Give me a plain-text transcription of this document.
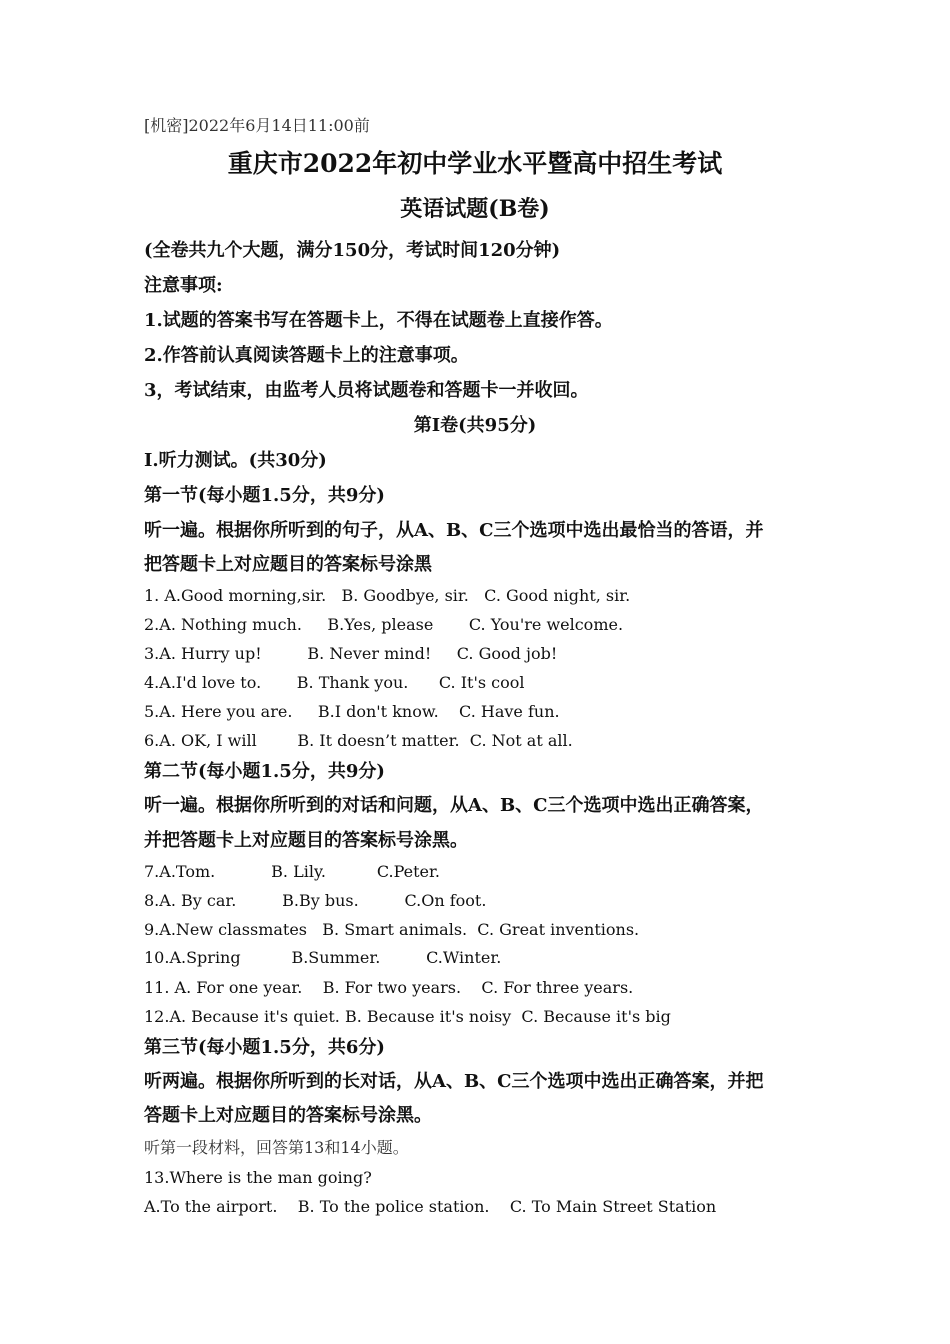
[机密]2022年6月14日11:00前
重庆市2022年初中学业水平暨高中招生考试
英语试题(B卷)
(全卷共九个大题，满分150分，考试时间120分钟)
注意事项:
1.试题的答案书写在答题卡上，不得在试题卷上直接作答。
2.作答前认真阅读答题卡上的注意事项。
3，考试结束，由监考人员将试题卷和答题卡一并收回。
第I卷(共95分)
I.听力测试。(共30分)
第一节(每小题1.5分，共9分)
听一遍。根据你所听到的句子，从A、B、C三个选项中选出最恰当的答语，并
把答题卡上对应题目的答案标号涂黑
1. A.Good morning,sir.   B. Goodbye, sir.   C. Good night, sir.
2.A. Nothing much.     B.Yes, please       C. You're welcome.
3.A. Hurry up!         B. Never mind!     C. Good job!
4.A.I'd love to.       B. Thank you.      C. It's cool
5.A. Here you are.     B.I don't know.    C. Have fun.
6.A. OK, I will        B. It doesn’t matter.  C. Not at all.
第二节(每小题1.5分，共9分)
听一遍。根据你所听到的对话和问题，从A、B、C三个选项中选出正确答案，
并把答题卡上对应题目的答案标号涂黑。
7.A.Tom.           B. Lily.          C.Peter.
8.A. By car.         B.By bus.         C.On foot.
9.A.New classmates   B. Smart animals.  C. Great inventions.
10.A.Spring          B.Summer.         C.Winter.
11. A. For one year.    B. For two years.    C. For three years.
12.A. Because it's quiet. B. Because it's noisy  C. Because it's big
第三节(每小题1.5分，共6分)
听两遍。根据你所听到的长对话，从A、B、C三个选项中选出正确答案，并把
答题卡上对应题目的答案标号涂黑。
听第一段材料，回答第13和14小题。
13.Where is the man going?
A.To the airport.    B. To the police station.    C. To Main Street Station
